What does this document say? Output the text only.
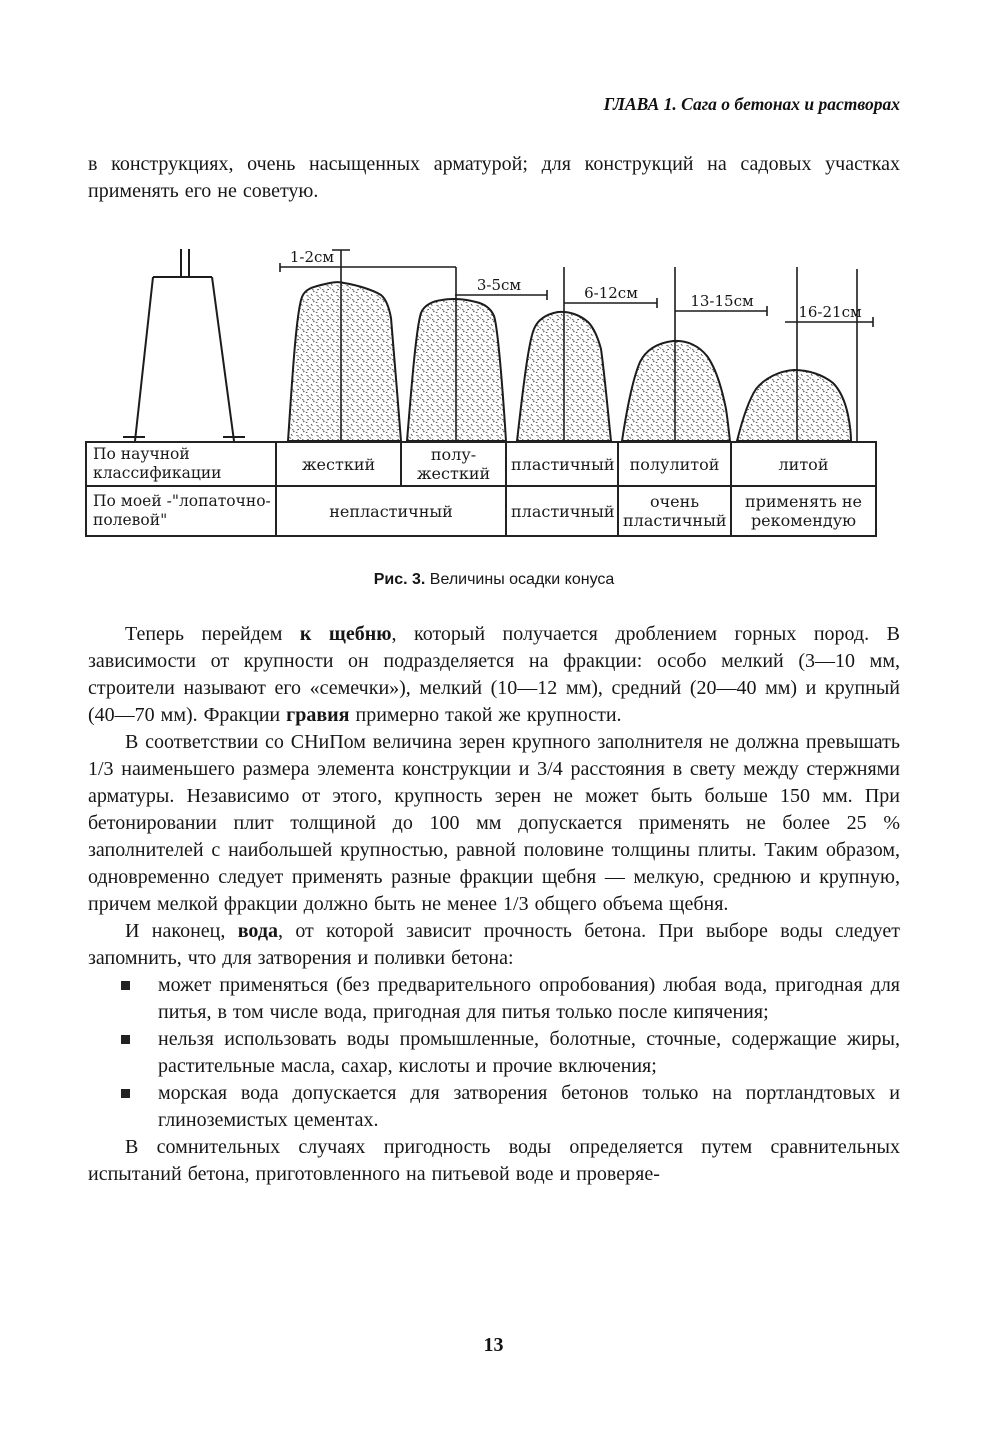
ГЛАВА 1. Сага о бетонах и растворах

в конструкциях, очень насыщенных арматурой; для конструкций на садовых участках применять его не советую.

1-2см
3-5см	6-12см	13-15см
16-21см
По научной классификации	жесткий	полу-жесткий	пластичный	полулитой	литой
По моей -"лопаточно-полевой"	непластичный		пластичный	очень пластичный	применять не рекомендую

Рис. 3. Величины осадки конуса

Теперь перейдем к щебню, который получается дроблением горных пород. В зависимости от крупности он подразделяется на фракции: особо мелкий (3—10 мм, строители называют его «семечки»), мелкий (10—12 мм), средний (20—40 мм) и крупный (40—70 мм). Фракции гравия примерно такой же крупности.

В соответствии со СНиПом величина зерен крупного заполнителя не должна превышать 1/3 наименьшего размера элемента конструкции и 3/4 расстояния в свету между стержнями арматуры. Независимо от этого, крупность зерен не может быть больше 150 мм. При бетонировании плит толщиной до 100 мм допускается применять не более 25 % заполнителей с наибольшей крупностью, равной половине толщины плиты. Таким образом, одновременно следует применять разные фракции щебня — мелкую, среднюю и крупную, причем мелкой фракции должно быть не менее 1/3 общего объема щебня.

И наконец, вода, от которой зависит прочность бетона. При выборе воды следует запомнить, что для затворения и поливки бетона:

может применяться (без предварительного опробования) любая вода, пригодная для питья, в том числе вода, пригодная для питья только после кипячения;
нельзя использовать воды промышленные, болотные, сточные, содержащие жиры, растительные масла, сахар, кислоты и прочие включения;
морская вода допускается для затворения бетонов только на портландтовых и глиноземистых цементах.

В сомнительных случаях пригодность воды определяется путем сравнительных испытаний бетона, приготовленного на питьевой воде и проверяе-

13
